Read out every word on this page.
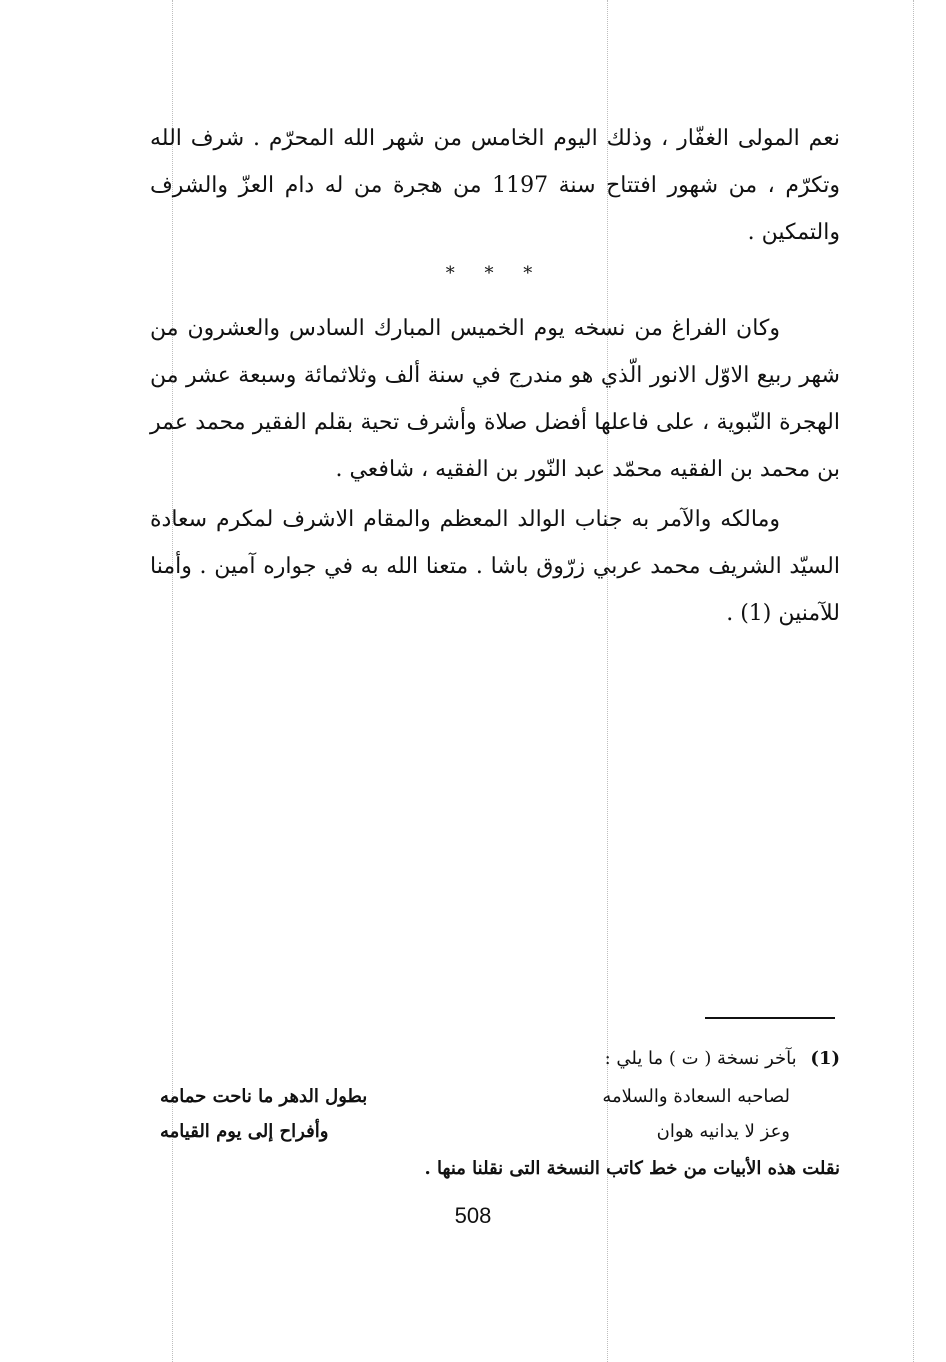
نعم المولى الغفّار ، وذلك اليوم الخامس من شهر الله المحرّم . شرف الله وتكرّم ، من شهور افتتاح سنة 1197 من هجرة من له دام العزّ والشرف والتمكين .

* * *

وكان الفراغ من نسخه يوم الخميس المبارك السادس والعشرون من شهر ربيع الاوّل الانور الّذي هو مندرج في سنة ألف وثلاثمائة وسبعة عشر من الهجرة النّبوية ، على فاعلها أفضل صلاة وأشرف تحية بقلم الفقير محمد عمر بن محمد بن الفقيه محمّد عبد النّور بن الفقيه ، شافعي .

ومالكه والآمر به جناب الوالد المعظم والمقام الاشرف لمكرم سعادة السيّد الشريف محمد عربي زرّوق باشا . متعنا الله به في جواره آمين . وأمنا للآمنين (1) .

(1) بآخر نسخة ( ت ) ما يلي :
لصاحبه السعادة والسلامه
بطول الدهر ما ناحت حمامه
وعز لا يدانيه هوان
وأفراح إلى يوم القيامه
نقلت هذه الأبيات من خط كاتب النسخة التى نقلنا منها .
508
